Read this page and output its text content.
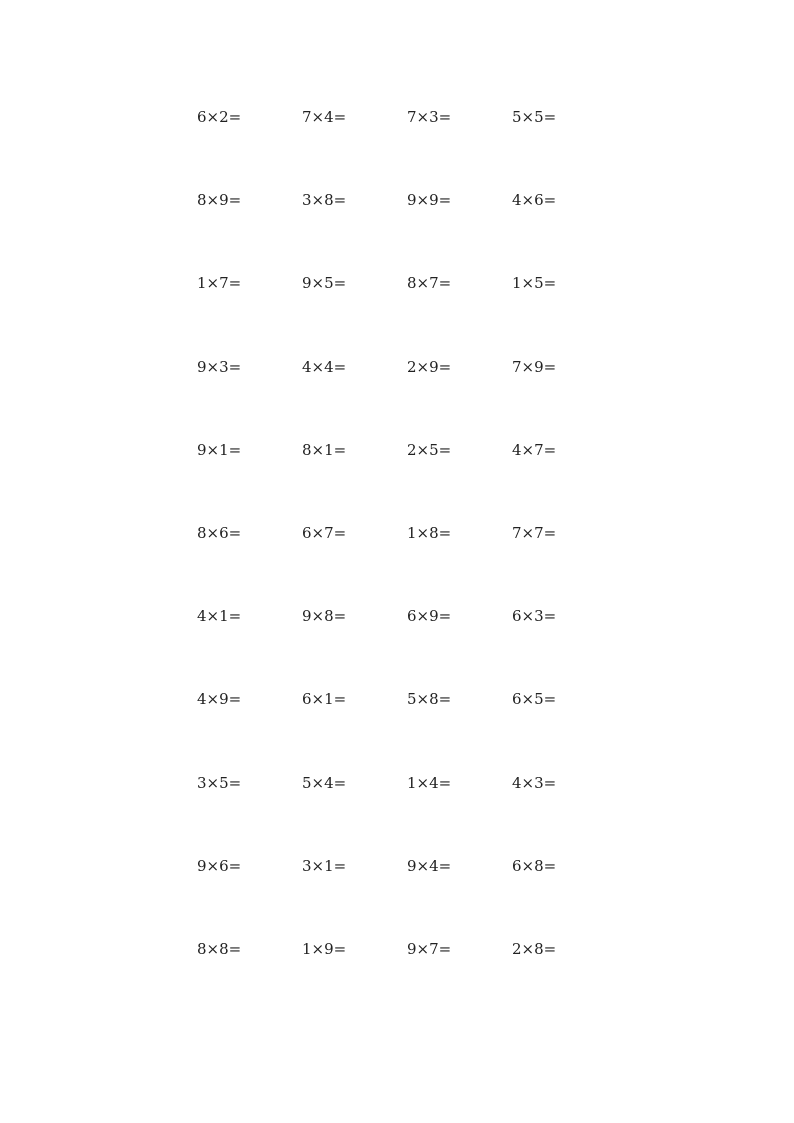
6×2=	7×4=	7×3=	5×5=
8×9=	3×8=	9×9=	4×6=
1×7=	9×5=	8×7=	1×5=
9×3=	4×4=	2×9=	7×9=
9×1=	8×1=	2×5=	4×7=
8×6=	6×7=	1×8=	7×7=
4×1=	9×8=	6×9=	6×3=
4×9=	6×1=	5×8=	6×5=
3×5=	5×4=	1×4=	4×3=
9×6=	3×1=	9×4=	6×8=
8×8=	1×9=	9×7=	2×8=
